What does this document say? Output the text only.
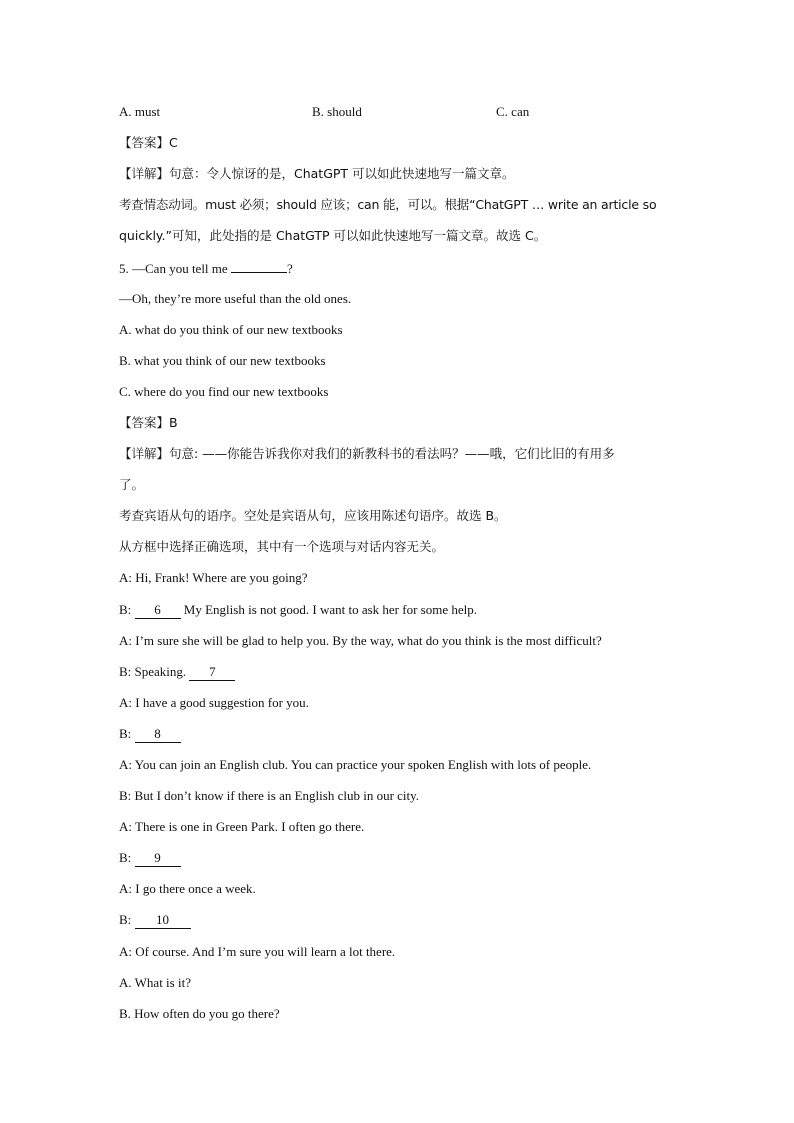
A. must	B. should	C. can
【答案】C
【详解】句意：令人惊讶的是，ChatGPT 可以如此快速地写一篇文章。
考查情态动词。must 必须；should 应该；can 能，可以。根据“ChatGPT … write an article so
quickly.”可知，此处指的是 ChatGTP 可以如此快速地写一篇文章。故选 C。
5. —Can you tell me	?
—Oh, they’re more useful than the old ones.
A. what do you think of our new textbooks
B. what you think of our new textbooks
C. where do you find our new textbooks
【答案】B
【详解】句意: ——你能告诉我你对我们的新教科书的看法吗？——哦，它们比旧的有用多
了。
考查宾语从句的语序。空处是宾语从句，应该用陈述句语序。故选 B。
从方框中选择正确选项，其中有一个选项与对话内容无关。
A: Hi, Frank! Where are you going?
B: 6 My English is not good. I want to ask her for some help.
A: I’m sure she will be glad to help you. By the way, what do you think is the most difficult?
B: Speaking. 7
A: I have a good suggestion for you.
B: 8
A: You can join an English club. You can practice your spoken English with lots of people.
B: But I don’t know if there is an English club in our city.
A: There is one in Green Park. I often go there.
B: 9
A: I go there once a week.
B: 10
A: Of course. And I’m sure you will learn a lot there.
A. What is it?
B. How often do you go there?
